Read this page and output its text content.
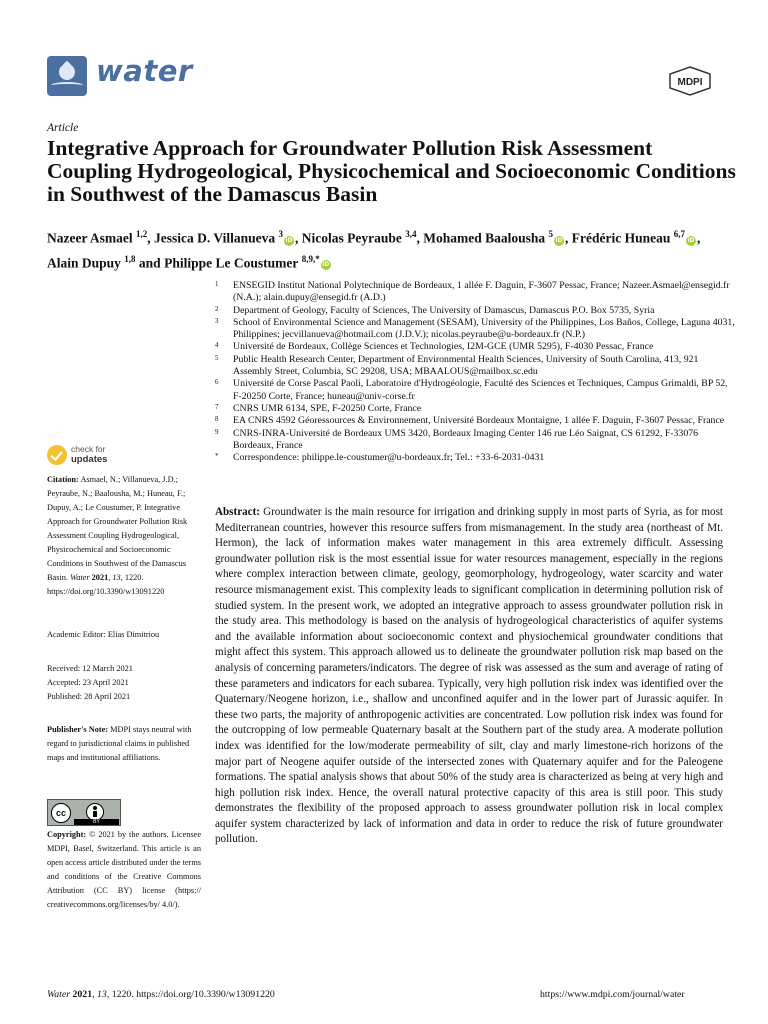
water	MDPI
Article
Integrative Approach for Groundwater Pollution Risk Assessment Coupling Hydrogeological, Physicochemical and Socioeconomic Conditions in Southwest of the Damascus Basin
Nazeer Asmael $^{1,2}$, Jessica D. Villanueva $^3$iD , Nicolas Peyraube $^{3,4}$, Mohamed Baalousha $^5$iD , Frédéric Huneau $^{6,7}$iD ,
Alain Dupuy $^{1,8}$ and Philippe Le Coustumer $^{8,9,*}$iD
1 ENSEGID Institut National Polytechnique de Bordeaux, 1 allée F. Daguin, F-3607 Pessac, France; Nazeer.Asmael@ensegid.fr (N.A.); alain.dupuy@ensegid.fr (A.D.)
2 Department of Geology, Faculty of Sciences, The University of Damascus, Damascus P.O. Box 5735, Syria
3 School of Environmental Science and Management (SESAM), University of the Philippines, Los Baños, College, Laguna 4031, Philippines; jecvillanueva@hotmail.com (J.D.V.); nicolas.peyraube@u-bordeaux.fr (N.P.)
4 Université de Bordeaux, Collège Sciences et Technologies, I2M-GCE (UMR 5295), F-4030 Pessac, France
5 Public Health Research Center, Department of Environmental Health Sciences, University of South Carolina, 413, 921 Assembly Street, Columbia, SC 29208, USA; MBAALOUS@mailbox.sc.edu
6 Université de Corse Pascal Paoli, Laboratoire d'Hydrogéologie, Faculté des Sciences et Techniques, Campus Grimaldi, BP 52, F-20250 Corte, France; huneau@univ-corse.fr
7 CNRS UMR 6134, SPE, F-20250 Corte, France
8 EA CNRS 4592 Géoressources & Environnement, Université Bordeaux Montaigne, 1 allée F. Daguin, F-3607 Pessac, France
9 CNRS-INRA-Université de Bordeaux UMS 3420, Bordeaux Imaging Center 146 rue Léo Saignat, CS 61292, F-33076 Bordeaux, France
* Correspondence: philippe.le-coustumer@u-bordeaux.fr; Tel.: +33-6-2031-0431
Abstract: Groundwater is the main resource for irrigation and drinking supply in most parts of Syria, as for most Mediterranean countries, however this resource suffers from mismanagement. In the study area (northeast of Mt. Hermon), the lack of information makes water management in this area extremely difficult. Assessing groundwater pollution risk is the most essential issue for water resources management, especially in the regions where complex interaction between climate, geology, geomorphology, hydrogeology, water scarcity and water resource mismanagement exist. This complexity leads to significant complication in determining pollution risk of studied system. In the present work, we adopted an integrative approach to assess groundwater pollution risk in the study area. This methodology is based on the analysis of hydrogeological characteristics of aquifer systems and the available information about socioeconomic context and physiochemical groundwater conditions that might affect this system. This approach allowed us to delineate the groundwater pollution risk map based on the analysis of concerning parameters/indicators. The degree of risk was assessed as the sum and average of rating of these parameters and indicators for each subarea. Typically, very high pollution risk index was identified over the Quaternary/Neogene horizon, i.e., shallow and unconfined aquifer and in the lower part of Jurassic aquifer. In these two parts, the majority of anthropogenic activities are concentrated. Low pollution risk index was found for the outcropping of low permeable Quaternary basalt at the Southern part of the study area. A moderate pollution index was identified for the low/moderate permeability of silt, clay and marly limestone-rich horizons of the major part of Neogene aquifer outside of the intersected zones with Quaternary aquifer and for the Paleogene formations. The spatial analysis shows that about 50% of the study area is characterized as being at very high and high pollution risk index. Hence, the overall natural protective capacity of this area is still poor. This study demonstrates the flexibility of the proposed approach to assess groundwater pollution risk in local complex aquifer system characterized by lack of information and data in order to reduce the risk of future groundwater pollution.
check for
updates
Citation: Asmael, N.; Villanueva, J.D.; Peyraube, N.; Baalousha, M.; Huneau, F.; Dupuy, A.; Le Coustumer, P. Integrative Approach for Groundwater Pollution Risk Assessment Coupling Hydrogeological, Physicochemical and Socioeconomic Conditions in Southwest of the Damascus Basin. Water 2021, 13, 1220. https://doi.org/10.3390/w13091220
Academic Editor: Elias Dimitriou
Received: 12 March 2021
Accepted: 23 April 2021
Published: 28 April 2021
Publisher's Note: MDPI stays neutral with regard to jurisdictional claims in published maps and institutional affiliations.
cc
BY
Copyright: © 2021 by the authors. Licensee MDPI, Basel, Switzerland. This article is an open access article distributed under the terms and conditions of the Creative Commons Attribution (CC BY) license (https:// creativecommons.org/licenses/by/ 4.0/).
Water 2021, 13, 1220. https://doi.org/10.3390/w13091220	https://www.mdpi.com/journal/water
